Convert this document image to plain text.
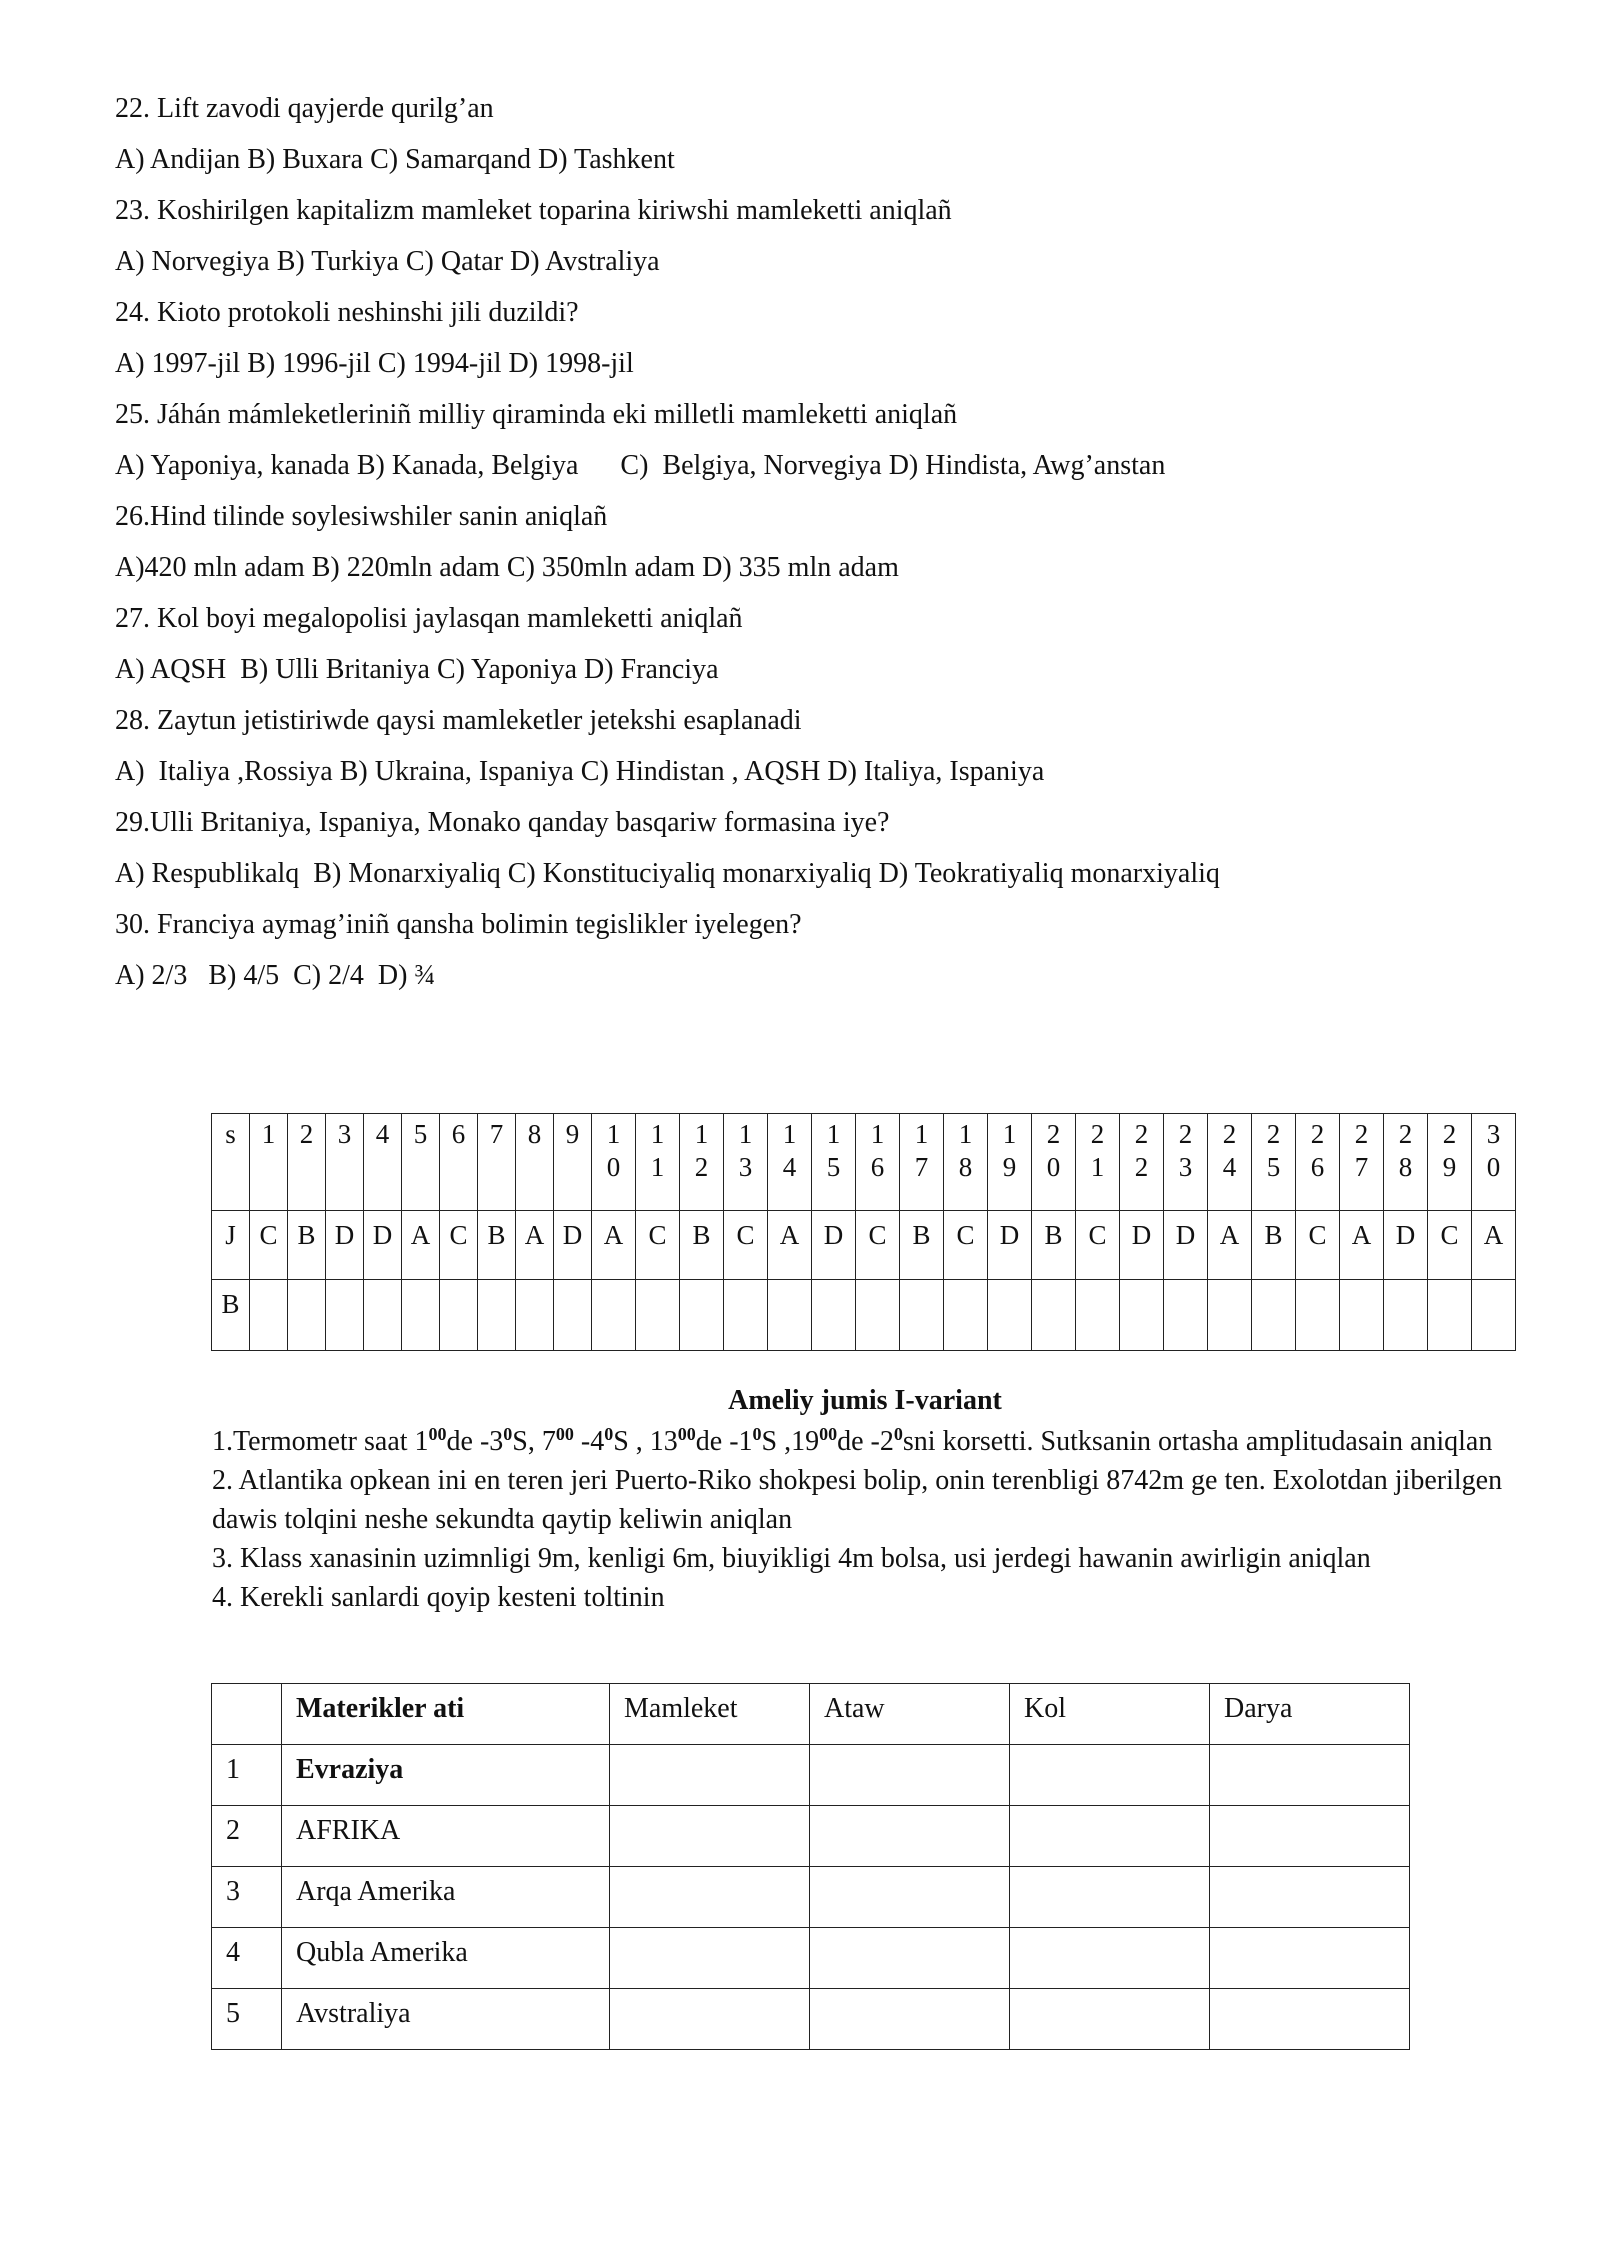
22. Lift zavodi qayjerde qurilg’an
A) Andijan B) Buxara C) Samarqand D) Tashkent
23. Koshirilgen kapitalizm mamleket toparina kiriwshi mamleketti aniqlañ
A) Norvegiya B) Turkiya C) Qatar D) Avstraliya
24. Kioto protokoli neshinshi jili duzildi?
A) 1997-jil B) 1996-jil C) 1994-jil D) 1998-jil
25. Jáhán mámleketleriniñ milliy qiraminda eki milletli mamleketti aniqlañ
A) Yaponiya, kanada B) Kanada, Belgiya      C)  Belgiya, Norvegiya D) Hindista, Awg’anstan
26.Hind tilinde soylesiwshiler sanin aniqlañ
A)420 mln adam B) 220mln adam C) 350mln adam D) 335 mln adam
27. Kol boyi megalopolisi jaylasqan mamleketti aniqlañ
A) AQSH  B) Ulli Britaniya C) Yaponiya D) Franciya
28. Zaytun jetistiriwde qaysi mamleketler jetekshi esaplanadi
A)  Italiya ,Rossiya B) Ukraina, Ispaniya C) Hindistan , AQSH D) Italiya, Ispaniya
29.Ulli Britaniya, Ispaniya, Monako qanday basqariw formasina iye?
A) Respublikalq  B) Monarxiyaliq C) Konstituciyaliq monarxiyaliq D) Teokratiyaliq monarxiyaliq
30. Franciya aymag’iniñ qansha bolimin tegislikler iyelegen?
A) 2/3   B) 4/5  C) 2/4  D) ¾
s	1	2	3	4	5	6	7	8	9	10	11	12	13	14	15	16	17	18	19	20	21	22	23	24	25	26	27	28	29	30
J	C	B	D	D	A	C	B	A	D	A	C	B	C	A	D	C	B	C	D	B	C	D	D	A	B	C	A	D	C	A
B																														
Ameliy jumis I-variant

1.Termometr saat $1^{00}de$ $-3^0S$, $7^{00}$ $-4^0S$ , $13^{00}de$ $-1^0S$ $,19^{00}de$ $-2^0sni$ korsetti. Sutksanin ortasha amplitudasain aniqlan

2. Atlantika opkean ini en teren jeri Puerto-Riko shokpesi bolip, onin terenbligi 8742m ge ten. Exolotdan jiberilgen dawis tolqini neshe sekundta qaytip keliwin aniqlan

3. Klass xanasinin uzimnligi 9m, kenligi 6m, biuyikligi 4m bolsa, usi jerdegi hawanin awirligin aniqlan

4. Kerekli sanlardi qoyip kesteni toltinin

	Materikler ati	Mamleket	Ataw	Kol	Darya
1	Evraziya				
2	AFRIKA				
3	Arqa Amerika				
4	Qubla Amerika				
5	Avstraliya				
